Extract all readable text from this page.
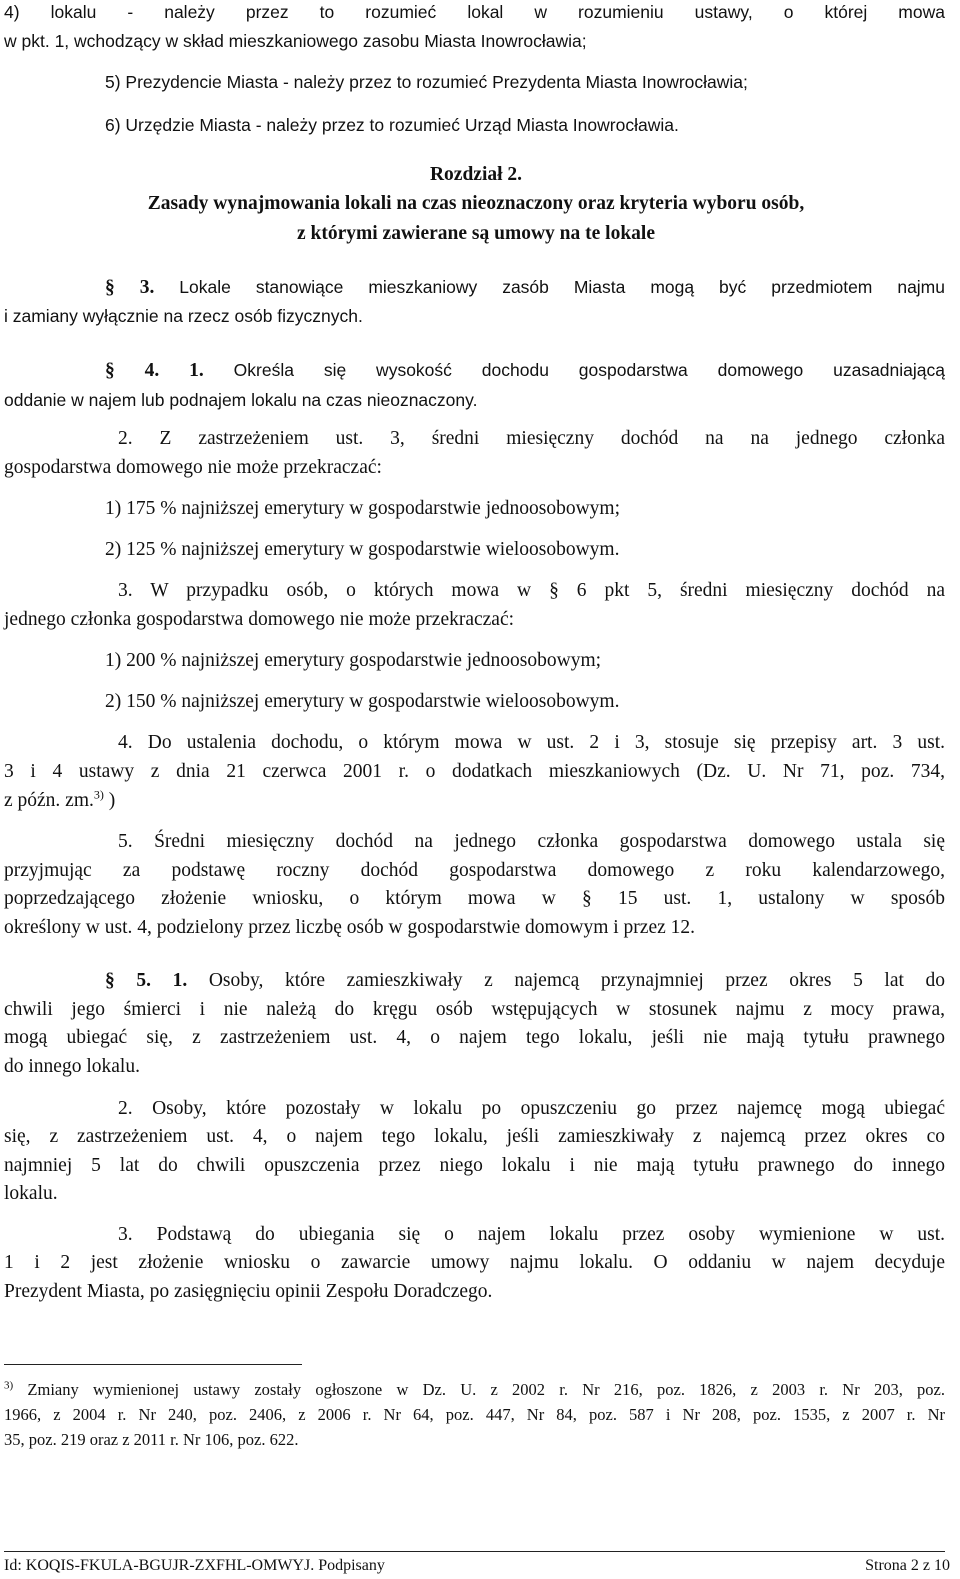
4) lokalu - należy przez to rozumieć lokal w rozumieniu ustawy, o której mowa
w pkt. 1, wchodzący w skład mieszkaniowego zasobu Miasta Inowrocławia;
5) Prezydencie Miasta - należy przez to rozumieć Prezydenta Miasta Inowrocławia;
6) Urzędzie Miasta - należy przez to rozumieć Urząd Miasta Inowrocławia.
Rozdział 2.
Zasady wynajmowania lokali na czas nieoznaczony oraz kryteria wyboru osób,
z którymi zawierane są umowy na te lokale
§ 3. Lokale stanowiące mieszkaniowy zasób Miasta mogą być przedmiotem najmu
i zamiany wyłącznie na rzecz osób fizycznych.
§ 4. 1. Określa się wysokość dochodu gospodarstwa domowego uzasadniającą
oddanie w najem lub podnajem lokalu na czas nieoznaczony.
2. Z zastrzeżeniem ust. 3, średni miesięczny dochód na na jednego członka
gospodarstwa domowego nie może przekraczać:
1) 175 % najniższej emerytury w gospodarstwie jednoosobowym;
2) 125 % najniższej emerytury w gospodarstwie wieloosobowym.
3. W przypadku osób, o których mowa w § 6 pkt 5, średni miesięczny dochód na
jednego członka gospodarstwa domowego nie może przekraczać:
1) 200 % najniższej emerytury gospodarstwie jednoosobowym;
2) 150 % najniższej emerytury w gospodarstwie wieloosobowym.
4. Do ustalenia dochodu, o którym mowa w ust. 2 i 3, stosuje się przepisy art. 3 ust.
3 i 4 ustawy z dnia 21 czerwca 2001 r. o dodatkach mieszkaniowych (Dz. U. Nr 71, poz. 734,
z późn. zm.$^{3)}$ )
5. Średni miesięczny dochód na jednego członka gospodarstwa domowego ustala się
przyjmując za podstawę roczny dochód gospodarstwa domowego z roku kalendarzowego,
poprzedzającego złożenie wniosku, o którym mowa w § 15 ust. 1, ustalony w sposób
określony w ust. 4, podzielony przez liczbę osób w gospodarstwie domowym i przez 12.
§ 5. 1. Osoby, które zamieszkiwały z najemcą przynajmniej przez okres 5 lat do
chwili jego śmierci i nie należą do kręgu osób wstępujących w stosunek najmu z mocy prawa,
mogą ubiegać się, z zastrzeżeniem ust. 4, o najem tego lokalu, jeśli nie mają tytułu prawnego
do innego lokalu.
2. Osoby, które pozostały w lokalu po opuszczeniu go przez najemcę mogą ubiegać
się, z zastrzeżeniem ust. 4, o najem tego lokalu, jeśli zamieszkiwały z najemcą przez okres co
najmniej 5 lat do chwili opuszczenia przez niego lokalu i nie mają tytułu prawnego do innego
lokalu.
3. Podstawą do ubiegania się o najem lokalu przez osoby wymienione w ust.
1 i 2 jest złożenie wniosku o zawarcie umowy najmu lokalu. O oddaniu w najem decyduje
Prezydent Miasta, po zasięgnięciu opinii Zespołu Doradczego.
$^{3)}$ Zmiany wymienionej ustawy zostały ogłoszone w Dz. U. z 2002 r. Nr 216, poz. 1826, z 2003 r. Nr 203, poz.
1966, z 2004 r. Nr 240, poz. 2406, z 2006 r. Nr 64, poz. 447, Nr 84, poz. 587 i Nr 208, poz. 1535, z 2007 r. Nr
35, poz. 219 oraz z 2011 r. Nr 106, poz. 622.
Id: KOQIS-FKULA-BGUJR-ZXFHL-OMWYJ. Podpisany	Strona 2 z 10
